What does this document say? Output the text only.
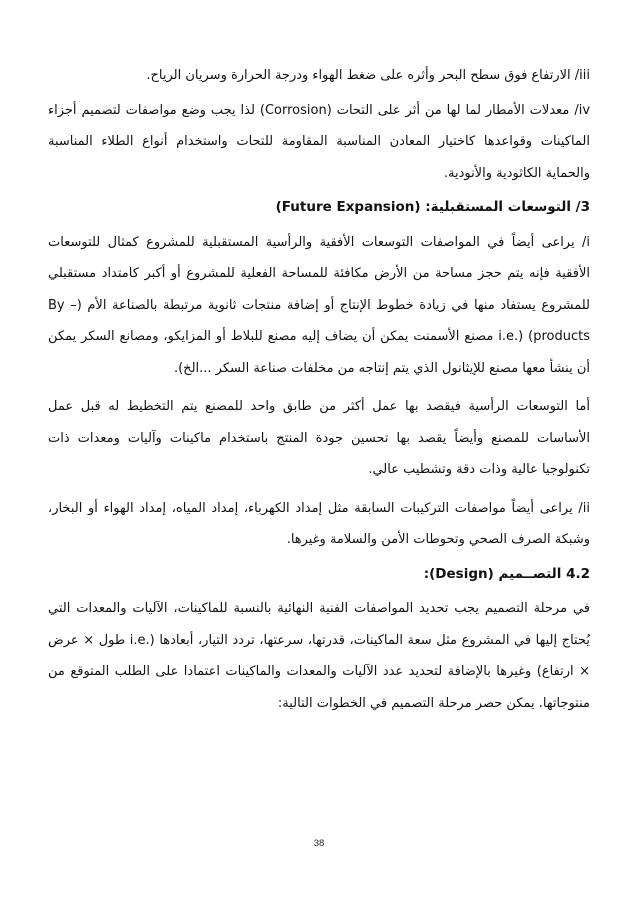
iii/ الارتفاع فوق سطح البحر وأثره على ضغط الهواء ودرجة الحرارة وسريان الرياح.

iv/ معدلات الأمطار لما لها من أثر على التحات (Corrosion) لذا يجب وضع مواصفات لتصميم أجزاء الماكينات وقواعدها كاختيار المعادن المناسبة المقاومة للتحات واستخدام أنواع الطلاء المناسبة والحماية الكاثودية والأنودية.

3/ التوسعات المستقبلية: (Future Expansion)

i/ يراعى أيضاً في المواصفات التوسعات الأفقية والرأسية المستقبلية للمشروع كمثال للتوسعات الأفقية فإنه يتم حجز مساحة من الأرض مكافئة للمساحة الفعلية للمشروع أو أكبر كامتداد مستقبلي للمشروع يستفاد منها في زيادة خطوط الإنتاج أو إضافة منتجات ثانوية مرتبطة بالصناعة الأم (By – products) (.i.e مصنع الأسمنت يمكن أن يضاف إليه مصنع للبلاط أو المزايكو، ومصانع السكر يمكن أن ينشأ معها مصنع للإيثانول الذي يتم إنتاجه من مخلفات صناعة السكر ...الخ).

أما التوسعات الرأسية فيقصد بها عمل أكثر من طابق واحد للمصنع يتم التخطيط له قبل عمل الأساسات للمصنع وأيضاً يقصد بها تحسين جودة المنتج باستخدام ماكينات وآليات ومعدات ذات تكنولوجيا عالية وذات دقة وتشطيب عالي.

ii/ يراعى أيضاً مواصفات التركيبات السابقة مثل إمداد الكهرباء، إمداد المياه، إمداد الهواء أو البخار، وشبكة الصرف الصحي وتحوطات الأمن والسلامة وغيرها.

4.2 التصــميم (Design):

في مرحلة التصميم يجب تحديد المواصفات الفنية النهائية بالنسبة للماكينات، الآليات والمعدات التي يُحتاج إليها في المشروع مثل سعة الماكينات، قدرتها، سرعتها، تردد التيار، أبعادها (.i.e طول × عرض × ارتفاع) وغيرها بالإضافة لتحديد عدد الآليات والمعدات والماكينات اعتمادا على الطلب المتوقع من منتوجاتها. يمكن حصر مرحلة التصميم في الخطوات التالية:

38
